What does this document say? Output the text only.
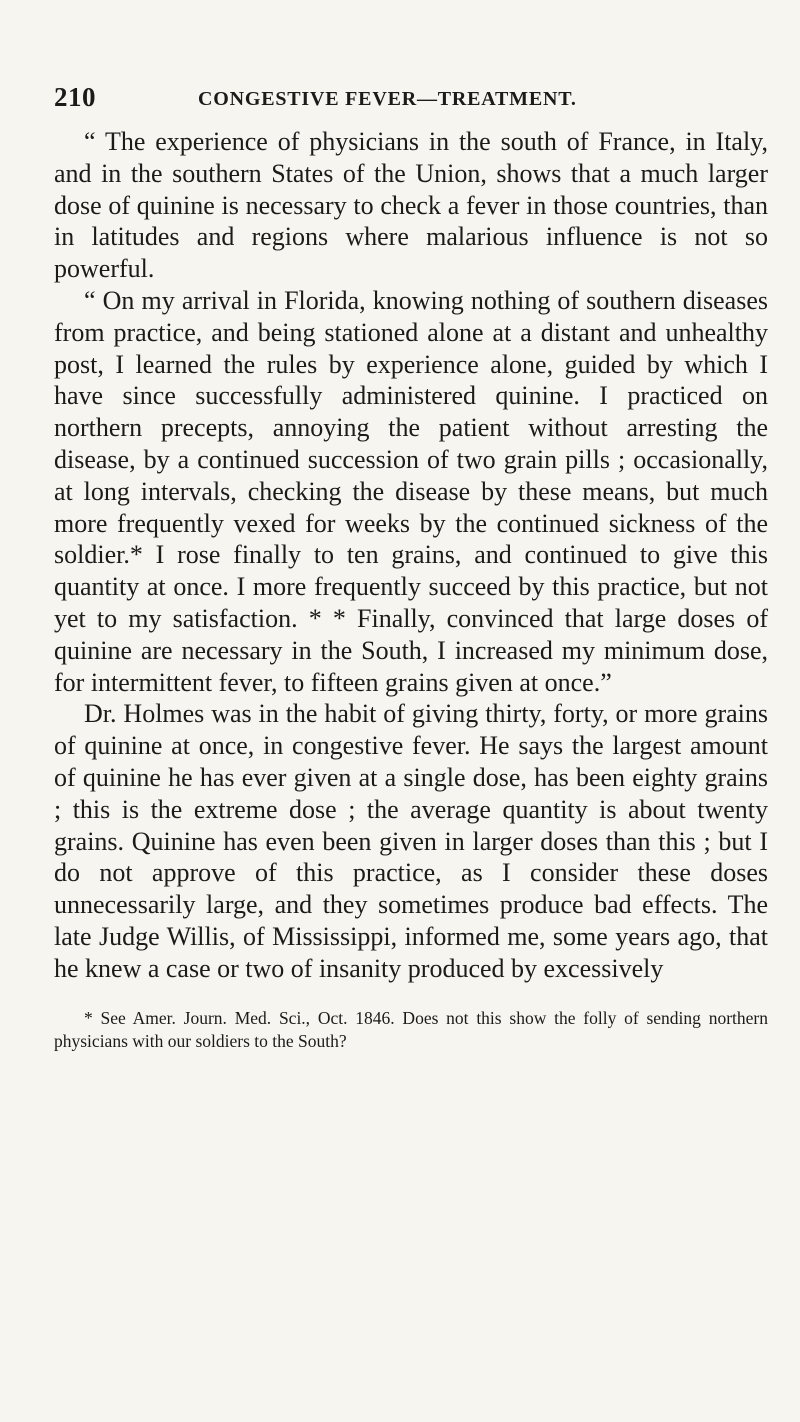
210	CONGESTIVE FEVER—TREATMENT.

“ The experience of physicians in the south of France, in Italy, and in the southern States of the Union, shows that a much larger dose of quinine is necessary to check a fever in those countries, than in latitudes and regions where malarious influence is not so powerful.

“ On my arrival in Florida, knowing nothing of southern diseases from practice, and being stationed alone at a distant and unhealthy post, I learned the rules by experience alone, guided by which I have since successfully administered quinine. I practiced on northern precepts, annoying the patient without arresting the disease, by a continued succession of two grain pills ; occasionally, at long intervals, checking the disease by these means, but much more frequently vexed for weeks by the continued sickness of the soldier.* I rose finally to ten grains, and continued to give this quantity at once. I more frequently succeed by this practice, but not yet to my satisfaction. * * Finally, convinced that large doses of quinine are necessary in the South, I increased my minimum dose, for intermittent fever, to fifteen grains given at once.”

Dr. Holmes was in the habit of giving thirty, forty, or more grains of quinine at once, in congestive fever. He says the largest amount of quinine he has ever given at a single dose, has been eighty grains ; this is the extreme dose ; the average quantity is about twenty grains. Quinine has even been given in larger doses than this ; but I do not approve of this practice, as I consider these doses unnecessarily large, and they sometimes produce bad effects. The late Judge Willis, of Mississippi, informed me, some years ago, that he knew a case or two of insanity produced by excessively

* See Amer. Journ. Med. Sci., Oct. 1846. Does not this show the folly of sending northern physicians with our soldiers to the South?
